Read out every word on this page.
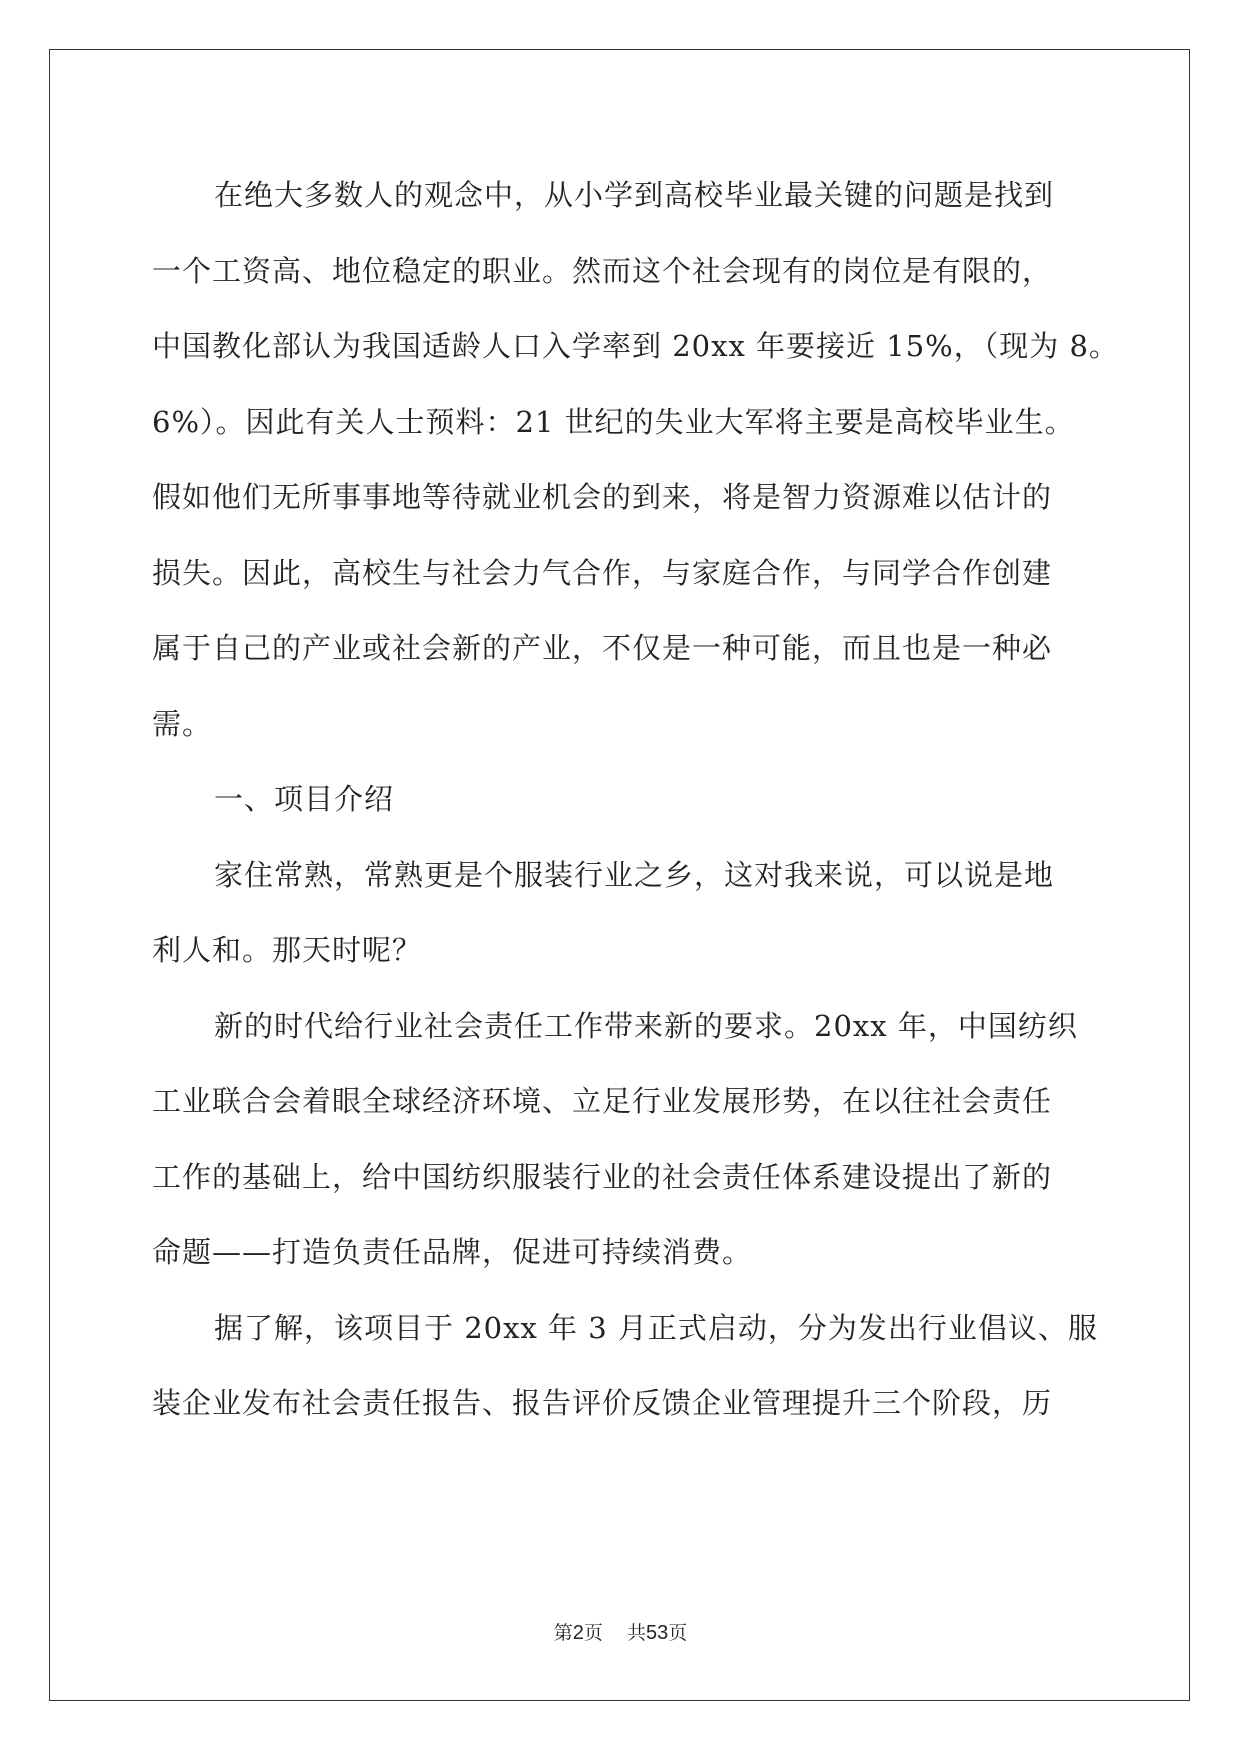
在绝大多数人的观念中，从小学到高校毕业最关键的问题是找到
一个工资高、地位稳定的职业。然而这个社会现有的岗位是有限的，
中国教化部认为我国适龄人口入学率到 20xx 年要接近 15%，（现为 8。
6%）。因此有关人士预料：21 世纪的失业大军将主要是高校毕业生。
假如他们无所事事地等待就业机会的到来，将是智力资源难以估计的
损失。因此，高校生与社会力气合作，与家庭合作，与同学合作创建
属于自己的产业或社会新的产业，不仅是一种可能，而且也是一种必
需。
一、项目介绍
家住常熟，常熟更是个服装行业之乡，这对我来说，可以说是地
利人和。那天时呢？
新的时代给行业社会责任工作带来新的要求。20xx 年，中国纺织
工业联合会着眼全球经济环境、立足行业发展形势，在以往社会责任
工作的基础上，给中国纺织服装行业的社会责任体系建设提出了新的
命题——打造负责任品牌，促进可持续消费。
据了解，该项目于 20xx 年 3 月正式启动，分为发出行业倡议、服
装企业发布社会责任报告、报告评价反馈企业管理提升三个阶段，历
第2页 共53页
